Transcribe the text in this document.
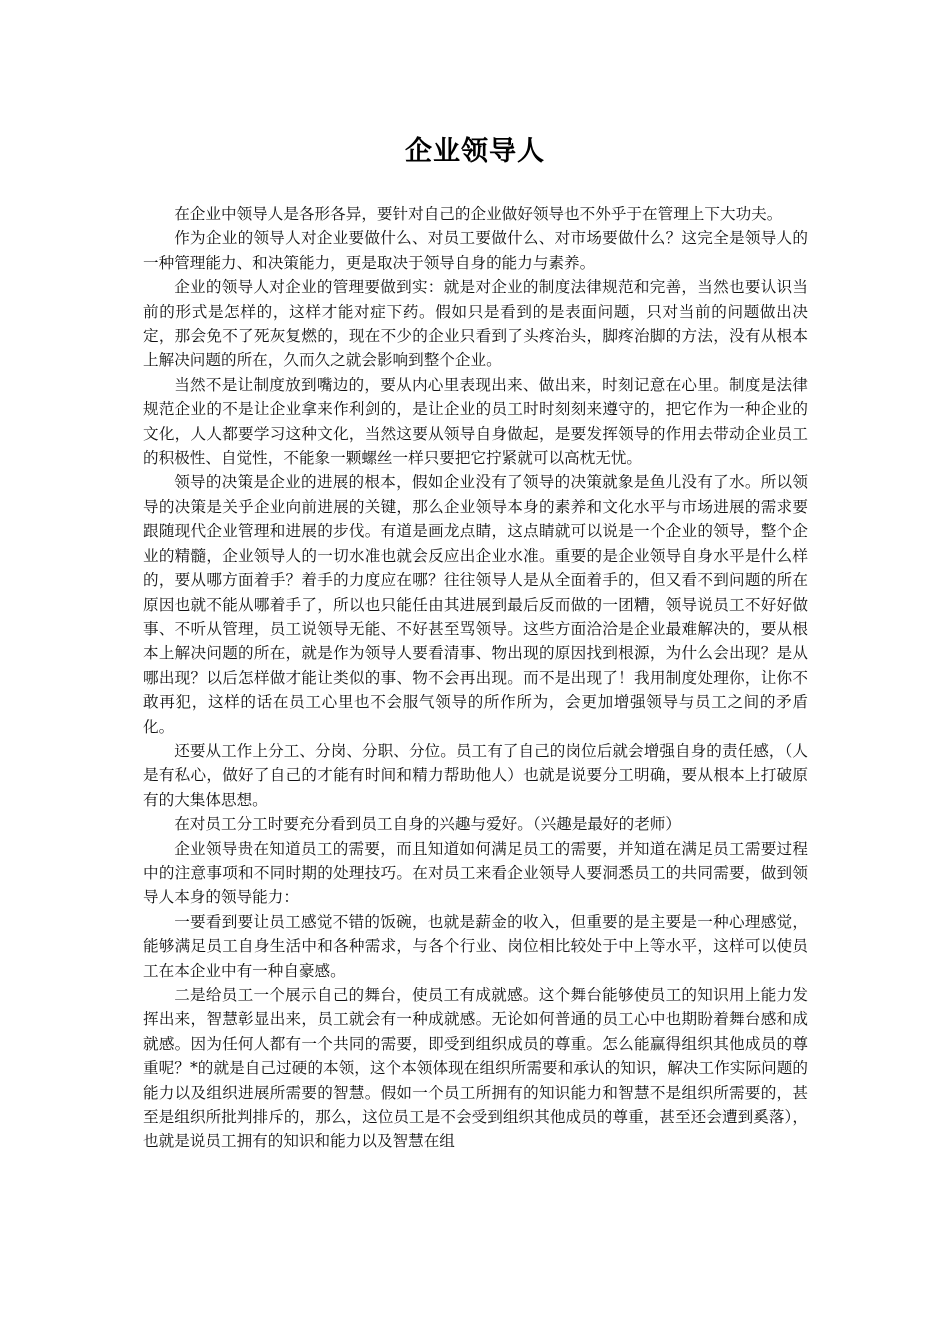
企业领导人

在企业中领导人是各形各异，要针对自己的企业做好领导也不外乎于在管理上下大功夫。

作为企业的领导人对企业要做什么、对员工要做什么、对市场要做什么？这完全是领导人的一种管理能力、和决策能力，更是取决于领导自身的能力与素养。

企业的领导人对企业的管理要做到实：就是对企业的制度法律规范和完善，当然也要认识当前的形式是怎样的，这样才能对症下药。假如只是看到的是表面问题，只对当前的问题做出决定，那会免不了死灰复燃的，现在不少的企业只看到了头疼治头，脚疼治脚的方法，没有从根本上解决问题的所在，久而久之就会影响到整个企业。

当然不是让制度放到嘴边的，要从内心里表现出来、做出来，时刻记意在心里。制度是法律规范企业的不是让企业拿来作利剑的，是让企业的员工时时刻刻来遵守的，把它作为一种企业的文化，人人都要学习这种文化，当然这要从领导自身做起，是要发挥领导的作用去带动企业员工的积极性、自觉性，不能象一颗螺丝一样只要把它拧紧就可以高枕无忧。

领导的决策是企业的进展的根本，假如企业没有了领导的决策就象是鱼儿没有了水。所以领导的决策是关乎企业向前进展的关键，那么企业领导本身的素养和文化水平与市场进展的需求要跟随现代企业管理和进展的步伐。有道是画龙点睛，这点睛就可以说是一个企业的领导，整个企业的精髓，企业领导人的一切水准也就会反应出企业水准。重要的是企业领导自身水平是什么样的，要从哪方面着手？着手的力度应在哪？往往领导人是从全面着手的，但又看不到问题的所在原因也就不能从哪着手了，所以也只能任由其进展到最后反而做的一团糟，领导说员工不好好做事、不听从管理，员工说领导无能、不好甚至骂领导。这些方面洽洽是企业最难解决的，要从根本上解决问题的所在，就是作为领导人要看清事、物出现的原因找到根源，为什么会出现？是从哪出现？以后怎样做才能让类似的事、物不会再出现。而不是出现了！我用制度处理你，让你不敢再犯，这样的话在员工心里也不会服气领导的所作所为，会更加增强领导与员工之间的矛盾化。

还要从工作上分工、分岗、分职、分位。员工有了自己的岗位后就会增强自身的责任感，（人是有私心，做好了自己的才能有时间和精力帮助他人）也就是说要分工明确，要从根本上打破原有的大集体思想。

在对员工分工时要充分看到员工自身的兴趣与爱好。（兴趣是最好的老师）

企业领导贵在知道员工的需要，而且知道如何满足员工的需要，并知道在满足员工需要过程中的注意事项和不同时期的处理技巧。在对员工来看企业领导人要洞悉员工的共同需要，做到领导人本身的领导能力：

一要看到要让员工感觉不错的饭碗，也就是薪金的收入，但重要的是主要是一种心理感觉，能够满足员工自身生活中和各种需求，与各个行业、岗位相比较处于中上等水平，这样可以使员工在本企业中有一种自豪感。

二是给员工一个展示自己的舞台，使员工有成就感。这个舞台能够使员工的知识用上能力发挥出来，智慧彰显出来，员工就会有一种成就感。无论如何普通的员工心中也期盼着舞台感和成就感。因为任何人都有一个共同的需要，即受到组织成员的尊重。怎么能赢得组织其他成员的尊重呢？*的就是自己过硬的本领，这个本领体现在组织所需要和承认的知识，解决工作实际问题的能力以及组织进展所需要的智慧。假如一个员工所拥有的知识能力和智慧不是组织所需要的，甚至是组织所批判排斥的，那么，这位员工是不会受到组织其他成员的尊重，甚至还会遭到奚落），也就是说员工拥有的知识和能力以及智慧在组
